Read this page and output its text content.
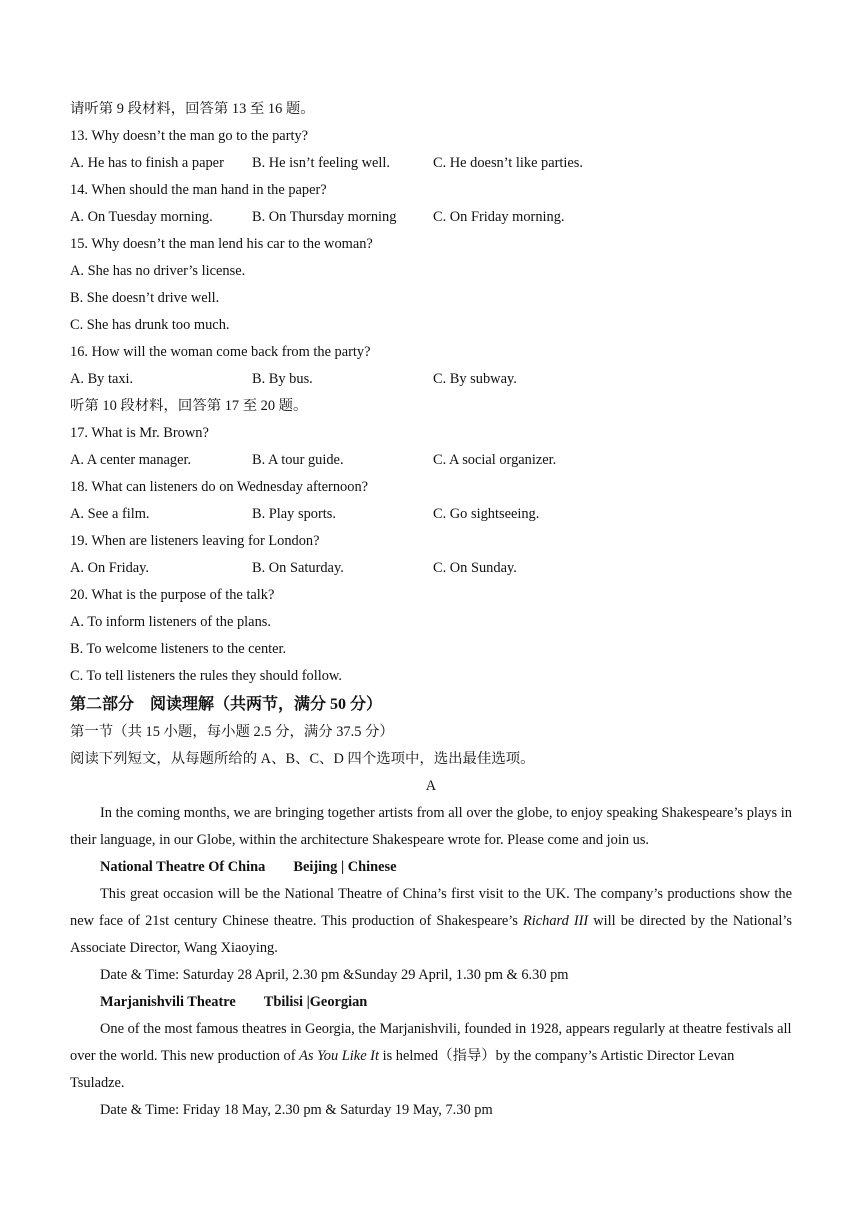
请听第 9 段材料，回答第 13 至 16 题。
13. Why doesn’t the man go to the party?
A. He has to finish a paper	B. He isn’t feeling well.	C. He doesn’t like parties.
14. When should the man hand in the paper?
A. On Tuesday morning.	B. On Thursday morning	C. On Friday morning.
15. Why doesn’t the man lend his car to the woman?
A. She has no driver’s license.
B. She doesn’t drive well.
C. She has drunk too much.
16. How will the woman come back from the party?
A. By taxi.	B. By bus.	C. By subway.
听第 10 段材料，回答第 17 至 20 题。
17. What is Mr. Brown?
A. A center manager.	B. A tour guide.	C. A social organizer.
18. What can listeners do on Wednesday afternoon?
A. See a film.	B. Play sports.	C. Go sightseeing.
19. When are listeners leaving for London?
A. On Friday.	B. On Saturday.	C. On Sunday.
20. What is the purpose of the talk?
A. To inform listeners of the plans.
B. To welcome listeners to the center.
C. To tell listeners the rules they should follow.
第二部分　阅读理解（共两节，满分 50 分）
第一节（共 15 小题，每小题 2.5 分，满分 37.5 分）
阅读下列短文，从每题所给的 A、B、C、D 四个选项中，选出最佳选项。
A
In the coming months, we are bringing together artists from all over the globe, to enjoy speaking Shakespeare’s plays in their language, in our Globe, within the architecture Shakespeare wrote for. Please come and join us.
National Theatre Of China Beijing | Chinese
This great occasion will be the National Theatre of China’s first visit to the UK. The company’s productions show the new face of 21st century Chinese theatre. This production of Shakespeare’s Richard III will be directed by the National’s Associate Director, Wang Xiaoying.
Date & Time: Saturday 28 April, 2.30 pm &Sunday 29 April, 1.30 pm & 6.30 pm
Marjanishvili Theatre Tbilisi |Georgian
One of the most famous theatres in Georgia, the Marjanishvili, founded in 1928, appears regularly at theatre festivals all over the world. This new production of As You Like It is helmed（指导）by the company’s Artistic Director Levan Tsuladze.
Date & Time: Friday 18 May, 2.30 pm & Saturday 19 May, 7.30 pm
